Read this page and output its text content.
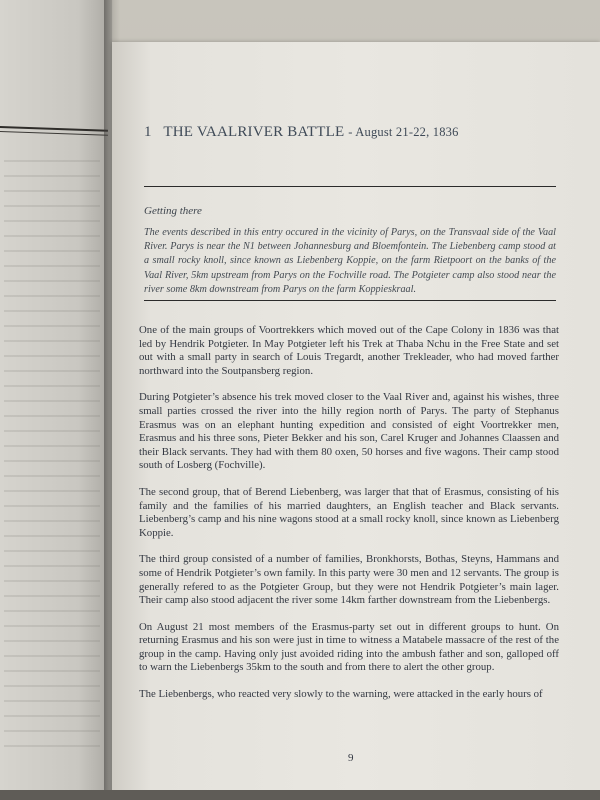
1 THE VAALRIVER BATTLE - August 21-22, 1836
Getting there
The events described in this entry occured in the vicinity of Parys, on the Transvaal side of the Vaal River. Parys is near the N1 between Johannesburg and Bloemfontein. The Liebenberg camp stood at a small rocky knoll, since known as Liebenberg Koppie, on the farm Rietpoort on the banks of the Vaal River, 5km upstream from Parys on the Fochville road. The Potgieter camp also stood near the river some 8km downstream from Parys on the farm Koppieskraal.

One of the main groups of Voortrekkers which moved out of the Cape Colony in 1836 was that led by Hendrik Potgieter. In May Potgieter left his Trek at Thaba Nchu in the Free State and set out with a small party in search of Louis Tregardt, another Trekleader, who had moved farther northward into the Soutpansberg region.

During Potgieter’s absence his trek moved closer to the Vaal River and, against his wishes, three small parties crossed the river into the hilly region north of Parys. The party of Stephanus Erasmus was on an elephant hunting expedition and consisted of eight Voortrekker men, Erasmus and his three sons, Pieter Bekker and his son, Carel Kruger and Johannes Claassen and their Black servants. They had with them 80 oxen, 50 horses and five wagons. Their camp stood south of Losberg (Fochville).

The second group, that of Berend Liebenberg, was larger that that of Erasmus, consisting of his family and the families of his married daughters, an English teacher and Black servants. Liebenberg’s camp and his nine wagons stood at a small rocky knoll, since known as Liebenberg Koppie.

The third group consisted of a number of families, Bronkhorsts, Bothas, Steyns, Hammans and some of Hendrik Potgieter’s own family. In this party were 30 men and 12 servants. The group is generally refered to as the Potgieter Group, but they were not Hendrik Potgieter’s main lager. Their camp also stood adjacent the river some 14km farther downstream from the Liebenbergs.

On August 21 most members of the Erasmus-party set out in different groups to hunt. On returning Erasmus and his son were just in time to witness a Matabele massacre of the rest of the group in the camp. Having only just avoided riding into the ambush father and son, galloped off to warn the Liebenbergs 35km to the south and from there to alert the other group.

The Liebenbergs, who reacted very slowly to the warning, were attacked in the early hours of

9
